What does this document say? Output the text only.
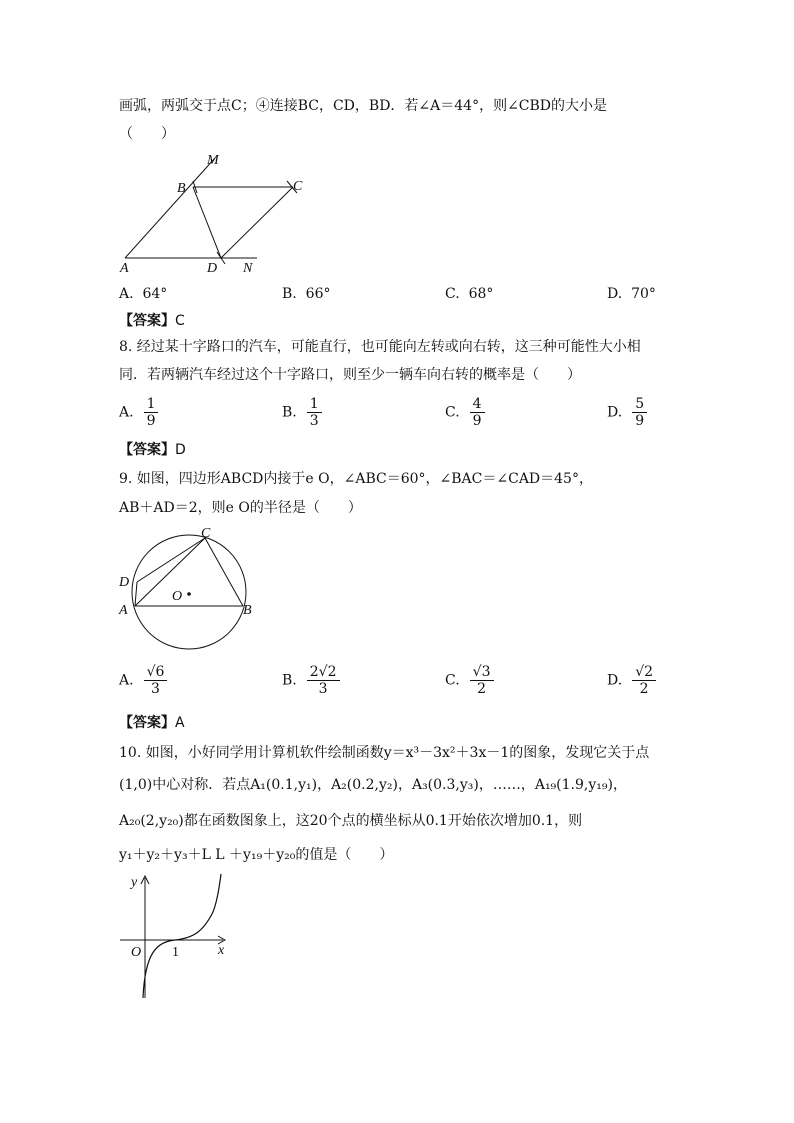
画弧，两弧交于点C；④连接BC，CD，BD．若∠A＝44°，则∠CBD的大小是
（　　）
M
B	C
A	D N
A. 64°	B. 66°	C. 68°	D. 70°
【答案】C
8. 经过某十字路口的汽车，可能直行，也可能向左转或向右转，这三种可能性大小相
同．若两辆汽车经过这个十字路口，则至少一辆车向右转的概率是（　　）
A. $\frac{1}{9}$	B. $\frac{1}{3}$	C. $\frac{4}{9}$	D. $\frac{5}{9}$
【答案】D
9. 如图，四边形ABCD内接于e O，∠ABC＝60°，∠BAC＝∠CAD＝45°，
AB＋AD＝2，则e O的半径是（　　）
C
D
O
A	B
A. $\frac{√6}{3}$	B. $\frac{2√2}{3}$	C. $\frac{√3}{2}$	D. $\frac{√2}{2}$
【答案】A
10. 如图，小好同学用计算机软件绘制函数y＝x³－3x²＋3x－1的图象，发现它关于点
(1,0)中心对称．若点A₁(0.1,y₁)，A₂(0.2,y₂)，A₃(0.3,y₃)，……，A₁₉(1.9,y₁₉)，
A₂₀(2,y₂₀)都在函数图象上，这20个点的横坐标从0.1开始依次增加0.1，则
y₁＋y₂＋y₃＋L L ＋y₁₉＋y₂₀的值是（　　）
y
x
O 1
